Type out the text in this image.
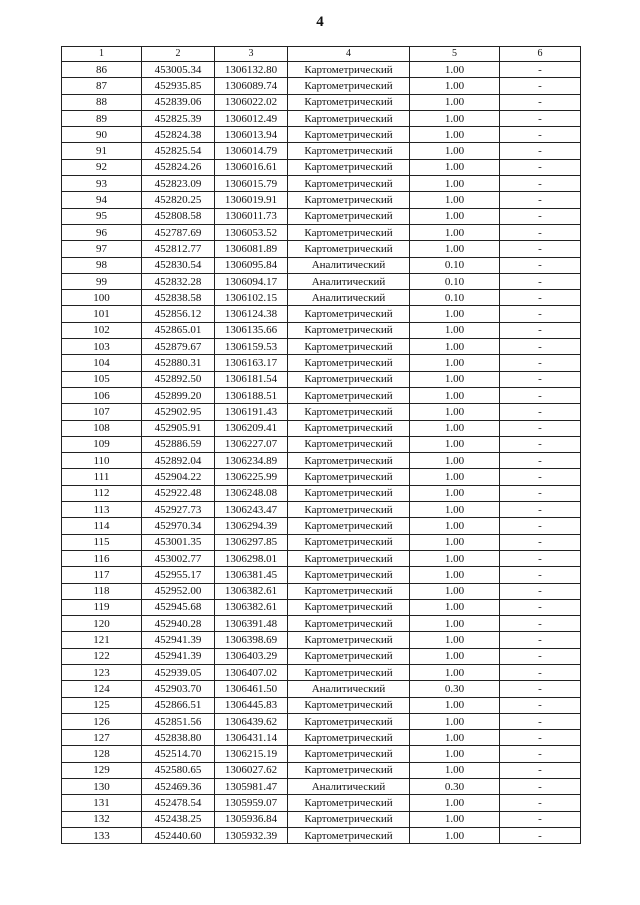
4
1	2	3	4	5	6
86	453005.34	1306132.80	Картометрический	1.00	-
87	452935.85	1306089.74	Картометрический	1.00	-
88	452839.06	1306022.02	Картометрический	1.00	-
89	452825.39	1306012.49	Картометрический	1.00	-
90	452824.38	1306013.94	Картометрический	1.00	-
91	452825.54	1306014.79	Картометрический	1.00	-
92	452824.26	1306016.61	Картометрический	1.00	-
93	452823.09	1306015.79	Картометрический	1.00	-
94	452820.25	1306019.91	Картометрический	1.00	-
95	452808.58	1306011.73	Картометрический	1.00	-
96	452787.69	1306053.52	Картометрический	1.00	-
97	452812.77	1306081.89	Картометрический	1.00	-
98	452830.54	1306095.84	Аналитический	0.10	-
99	452832.28	1306094.17	Аналитический	0.10	-
100	452838.58	1306102.15	Аналитический	0.10	-
101	452856.12	1306124.38	Картометрический	1.00	-
102	452865.01	1306135.66	Картометрический	1.00	-
103	452879.67	1306159.53	Картометрический	1.00	-
104	452880.31	1306163.17	Картометрический	1.00	-
105	452892.50	1306181.54	Картометрический	1.00	-
106	452899.20	1306188.51	Картометрический	1.00	-
107	452902.95	1306191.43	Картометрический	1.00	-
108	452905.91	1306209.41	Картометрический	1.00	-
109	452886.59	1306227.07	Картометрический	1.00	-
110	452892.04	1306234.89	Картометрический	1.00	-
111	452904.22	1306225.99	Картометрический	1.00	-
112	452922.48	1306248.08	Картометрический	1.00	-
113	452927.73	1306243.47	Картометрический	1.00	-
114	452970.34	1306294.39	Картометрический	1.00	-
115	453001.35	1306297.85	Картометрический	1.00	-
116	453002.77	1306298.01	Картометрический	1.00	-
117	452955.17	1306381.45	Картометрический	1.00	-
118	452952.00	1306382.61	Картометрический	1.00	-
119	452945.68	1306382.61	Картометрический	1.00	-
120	452940.28	1306391.48	Картометрический	1.00	-
121	452941.39	1306398.69	Картометрический	1.00	-
122	452941.39	1306403.29	Картометрический	1.00	-
123	452939.05	1306407.02	Картометрический	1.00	-
124	452903.70	1306461.50	Аналитический	0.30	-
125	452866.51	1306445.83	Картометрический	1.00	-
126	452851.56	1306439.62	Картометрический	1.00	-
127	452838.80	1306431.14	Картометрический	1.00	-
128	452514.70	1306215.19	Картометрический	1.00	-
129	452580.65	1306027.62	Картометрический	1.00	-
130	452469.36	1305981.47	Аналитический	0.30	-
131	452478.54	1305959.07	Картометрический	1.00	-
132	452438.25	1305936.84	Картометрический	1.00	-
133	452440.60	1305932.39	Картометрический	1.00	-
